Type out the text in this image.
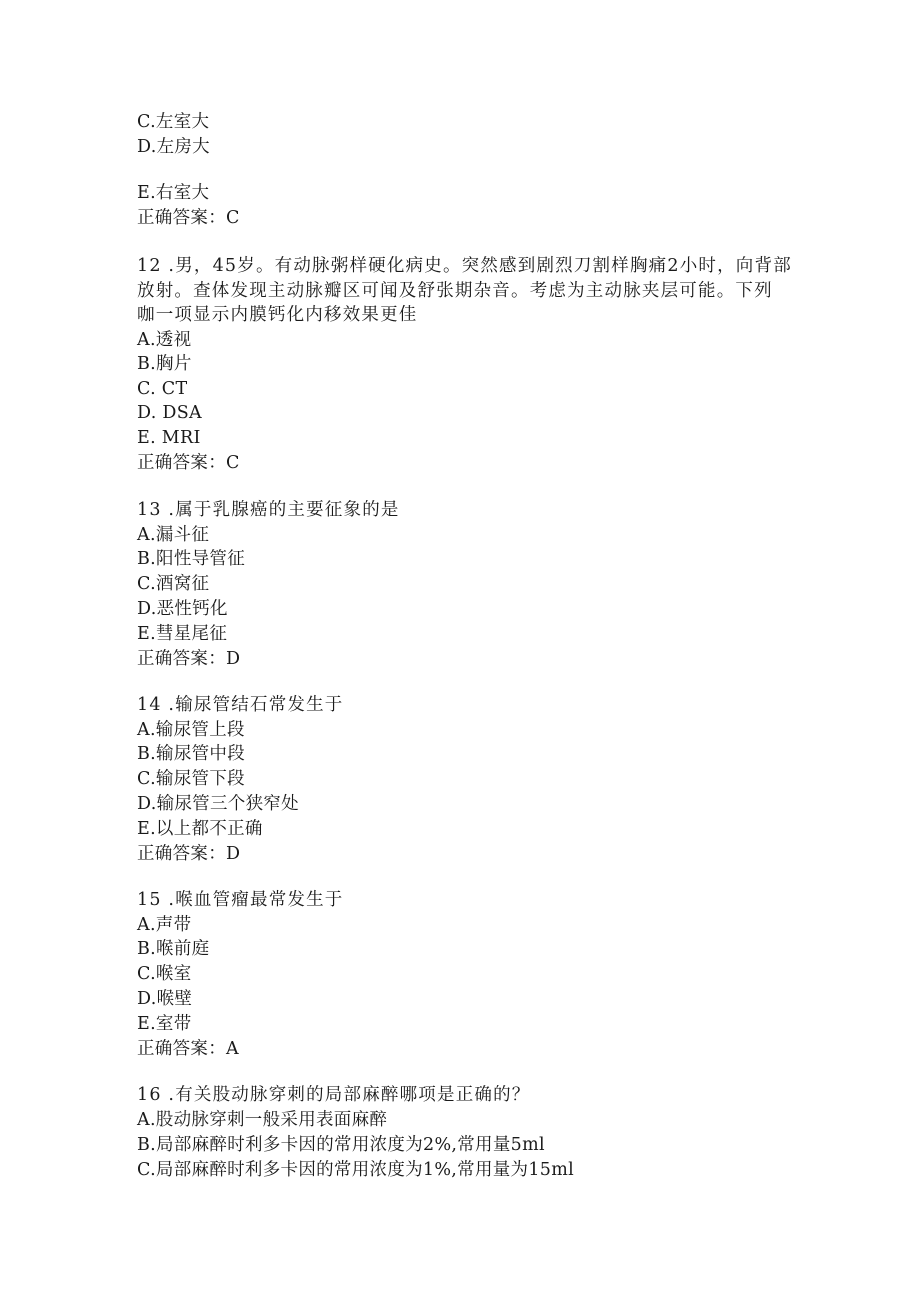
C.左室大
D.左房大
E.右室大
正确答案：C
12 .男，45岁。有动脉粥样硬化病史。突然感到剧烈刀割样胸痛2小时，向背部
放射。查体发现主动脉瓣区可闻及舒张期杂音。考虑为主动脉夹层可能。下列
咖一项显示内膜钙化内移效果更佳
A.透视
B.胸片
C. CT
D. DSA
E. MRI
正确答案：C
13 .属于乳腺癌的主要征象的是
A.漏斗征
B.阳性导管征
C.酒窝征
D.恶性钙化
E.彗星尾征
正确答案：D
14 .输尿管结石常发生于
A.输尿管上段
B.输尿管中段
C.输尿管下段
D.输尿管三个狭窄处
E.以上都不正确
正确答案：D
15 .喉血管瘤最常发生于
A.声带
B.喉前庭
C.喉室
D.喉壁
E.室带
正确答案：A
16 .有关股动脉穿刺的局部麻醉哪项是正确的？
A.股动脉穿刺一般采用表面麻醉
B.局部麻醉时利多卡因的常用浓度为2%,常用量5ml
C.局部麻醉时利多卡因的常用浓度为1%,常用量为15ml
